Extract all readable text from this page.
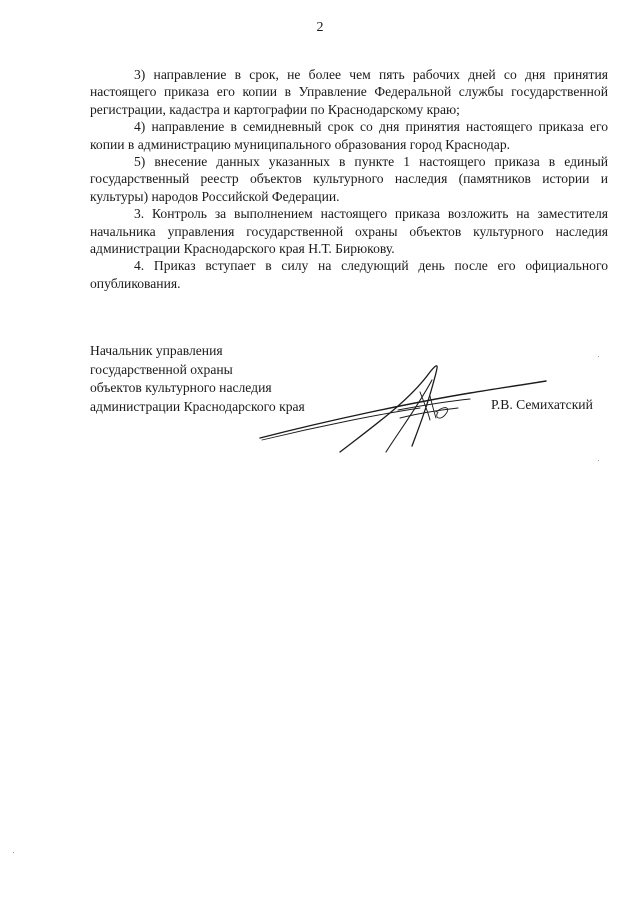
2

3) направление в срок, не более чем пять рабочих дней со дня принятия настоящего приказа его копии в Управление Федеральной службы государственной регистрации, кадастра и картографии по Краснодарскому краю;

4) направление в семидневный срок со дня принятия настоящего приказа его копии в администрацию муниципального образования город Краснодар.

5) внесение данных указанных в пункте 1 настоящего приказа в единый государственный реестр объектов культурного наследия (памятников истории и культуры) народов Российской Федерации.

3. Контроль за выполнением настоящего приказа возложить на заместителя начальника управления государственной охраны объектов культурного наследия администрации Краснодарского края Н.Т. Бирюкову.

4. Приказ вступает в силу на следующий день после его официального опубликования.

Начальник управления
государственной охраны
объектов культурного наследия
администрации Краснодарского края	Р.В. Семихатский
